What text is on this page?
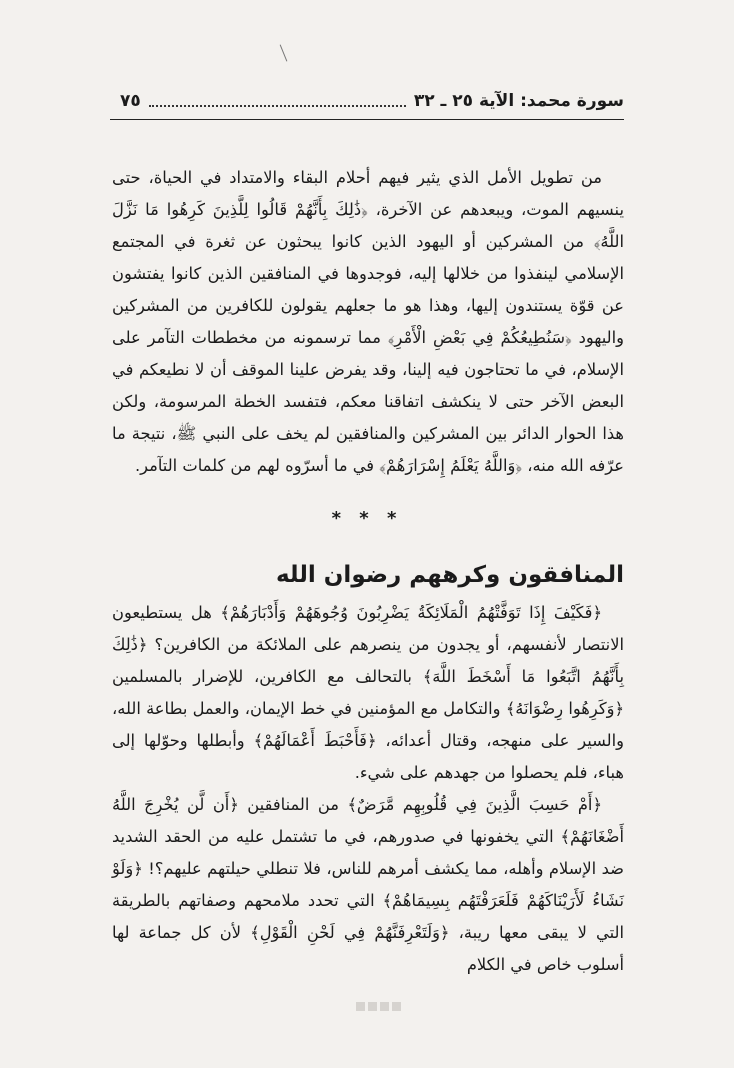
سورة محمد: الآية ٢٥ ـ ٣٢
٧٥

من تطويل الأمل الذي يثير فيهم أحلام البقاء والامتداد في الحياة، حتى ينسيهم الموت، ويبعدهم عن الآخرة، ﴿ذَٰلِكَ بِأَنَّهُمْ قَالُوا لِلَّذِينَ كَرِهُوا مَا نَزَّلَ اللَّهُ﴾ من المشركين أو اليهود الذين كانوا يبحثون عن ثغرة في المجتمع الإسلامي لينفذوا من خلالها إليه، فوجدوها في المنافقين الذين كانوا يفتشون عن قوّة يستندون إليها، وهذا هو ما جعلهم يقولون للكافرين من المشركين واليهود ﴿سَنُطِيعُكُمْ فِي بَعْضِ الْأَمْرِ﴾ مما ترسمونه من مخططات التآمر على الإسلام، في ما تحتاجون فيه إلينا، وقد يفرض علينا الموقف أن لا نطيعكم في البعض الآخر حتى لا ينكشف اتفاقنا معكم، فتفسد الخطة المرسومة، ولكن هذا الحوار الدائر بين المشركين والمنافقين لم يخف على النبي ﷺ، نتيجة ما عرّفه الله منه، ﴿وَاللَّهُ يَعْلَمُ إِسْرَارَهُمْ﴾ في ما أسرّوه لهم من كلمات التآمر.

* * *
المنافقون وكرههم رضوان الله

﴿فَكَيْفَ إِذَا تَوَفَّتْهُمُ الْمَلَائِكَةُ يَضْرِبُونَ وُجُوهَهُمْ وَأَدْبَارَهُمْ﴾ هل يستطيعون الانتصار لأنفسهم، أو يجدون من ينصرهم على الملائكة من الكافرين؟ ﴿ذَٰلِكَ بِأَنَّهُمُ اتَّبَعُوا مَا أَسْخَطَ اللَّهَ﴾ بالتحالف مع الكافرين، للإضرار بالمسلمين ﴿وَكَرِهُوا رِضْوَانَهُ﴾ والتكامل مع المؤمنين في خط الإيمان، والعمل بطاعة الله، والسير على منهجه، وقتال أعدائه، ﴿فَأَحْبَطَ أَعْمَالَهُمْ﴾ وأبطلها وحوّلها إلى هباء، فلم يحصلوا من جهدهم على شيء.

﴿أَمْ حَسِبَ الَّذِينَ فِي قُلُوبِهِم مَّرَضٌ﴾ من المنافقين ﴿أَن لَّن يُخْرِجَ اللَّهُ أَضْغَانَهُمْ﴾ التي يخفونها في صدورهم، في ما تشتمل عليه من الحقد الشديد ضد الإسلام وأهله، مما يكشف أمرهم للناس، فلا تنطلي حيلتهم عليهم؟! ﴿وَلَوْ نَشَاءُ لَأَرَيْنَاكَهُمْ فَلَعَرَفْتَهُم بِسِيمَاهُمْ﴾ التي تحدد ملامحهم وصفاتهم بالطريقة التي لا يبقى معها ريبة، ﴿وَلَتَعْرِفَنَّهُمْ فِي لَحْنِ الْقَوْلِ﴾ لأن كل جماعة لها أسلوب خاص في الكلام
